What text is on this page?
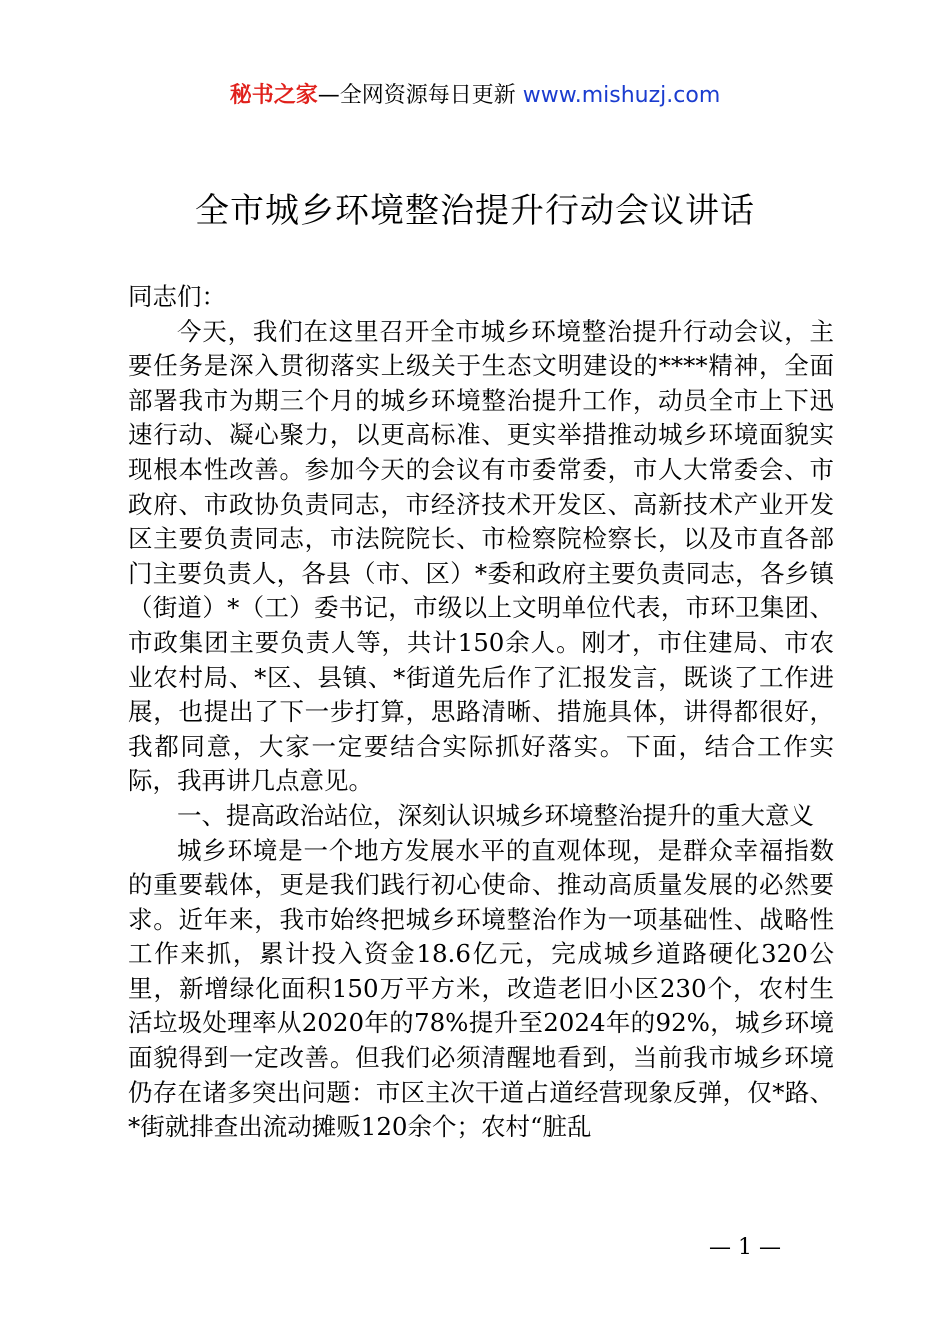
秘书之家—全网资源每日更新 www.mishuzj.com
全市城乡环境整治提升行动会议讲话

同志们：

今天，我们在这里召开全市城乡环境整治提升行动会议，主要任务是深入贯彻落实上级关于生态文明建设的****精神，全面部署我市为期三个月的城乡环境整治提升工作，动员全市上下迅速行动、凝心聚力，以更高标准、更实举措推动城乡环境面貌实现根本性改善。参加今天的会议有市委常委，市人大常委会、市政府、市政协负责同志，市经济技术开发区、高新技术产业开发区主要负责同志，市法院院长、市检察院检察长，以及市直各部门主要负责人，各县（市、区）*委和政府主要负责同志，各乡镇（街道）*（工）委书记，市级以上文明单位代表，市环卫集团、市政集团主要负责人等，共计150余人。刚才，市住建局、市农业农村局、*区、县镇、*街道先后作了汇报发言，既谈了工作进展，也提出了下一步打算，思路清晰、措施具体，讲得都很好，我都同意，大家一定要结合实际抓好落实。下面，结合工作实际，我再讲几点意见。

一、提高政治站位，深刻认识城乡环境整治提升的重大意义

城乡环境是一个地方发展水平的直观体现，是群众幸福指数的重要载体，更是我们践行初心使命、推动高质量发展的必然要求。近年来，我市始终把城乡环境整治作为一项基础性、战略性工作来抓，累计投入资金18.6亿元，完成城乡道路硬化320公里，新增绿化面积150万平方米，改造老旧小区230个，农村生活垃圾处理率从2020年的78%提升至2024年的92%，城乡环境面貌得到一定改善。但我们必须清醒地看到，当前我市城乡环境仍存在诸多突出问题：市区主次干道占道经营现象反弹，仅*路、*街就排查出流动摊贩120余个；农村“脏乱

— 1 —
